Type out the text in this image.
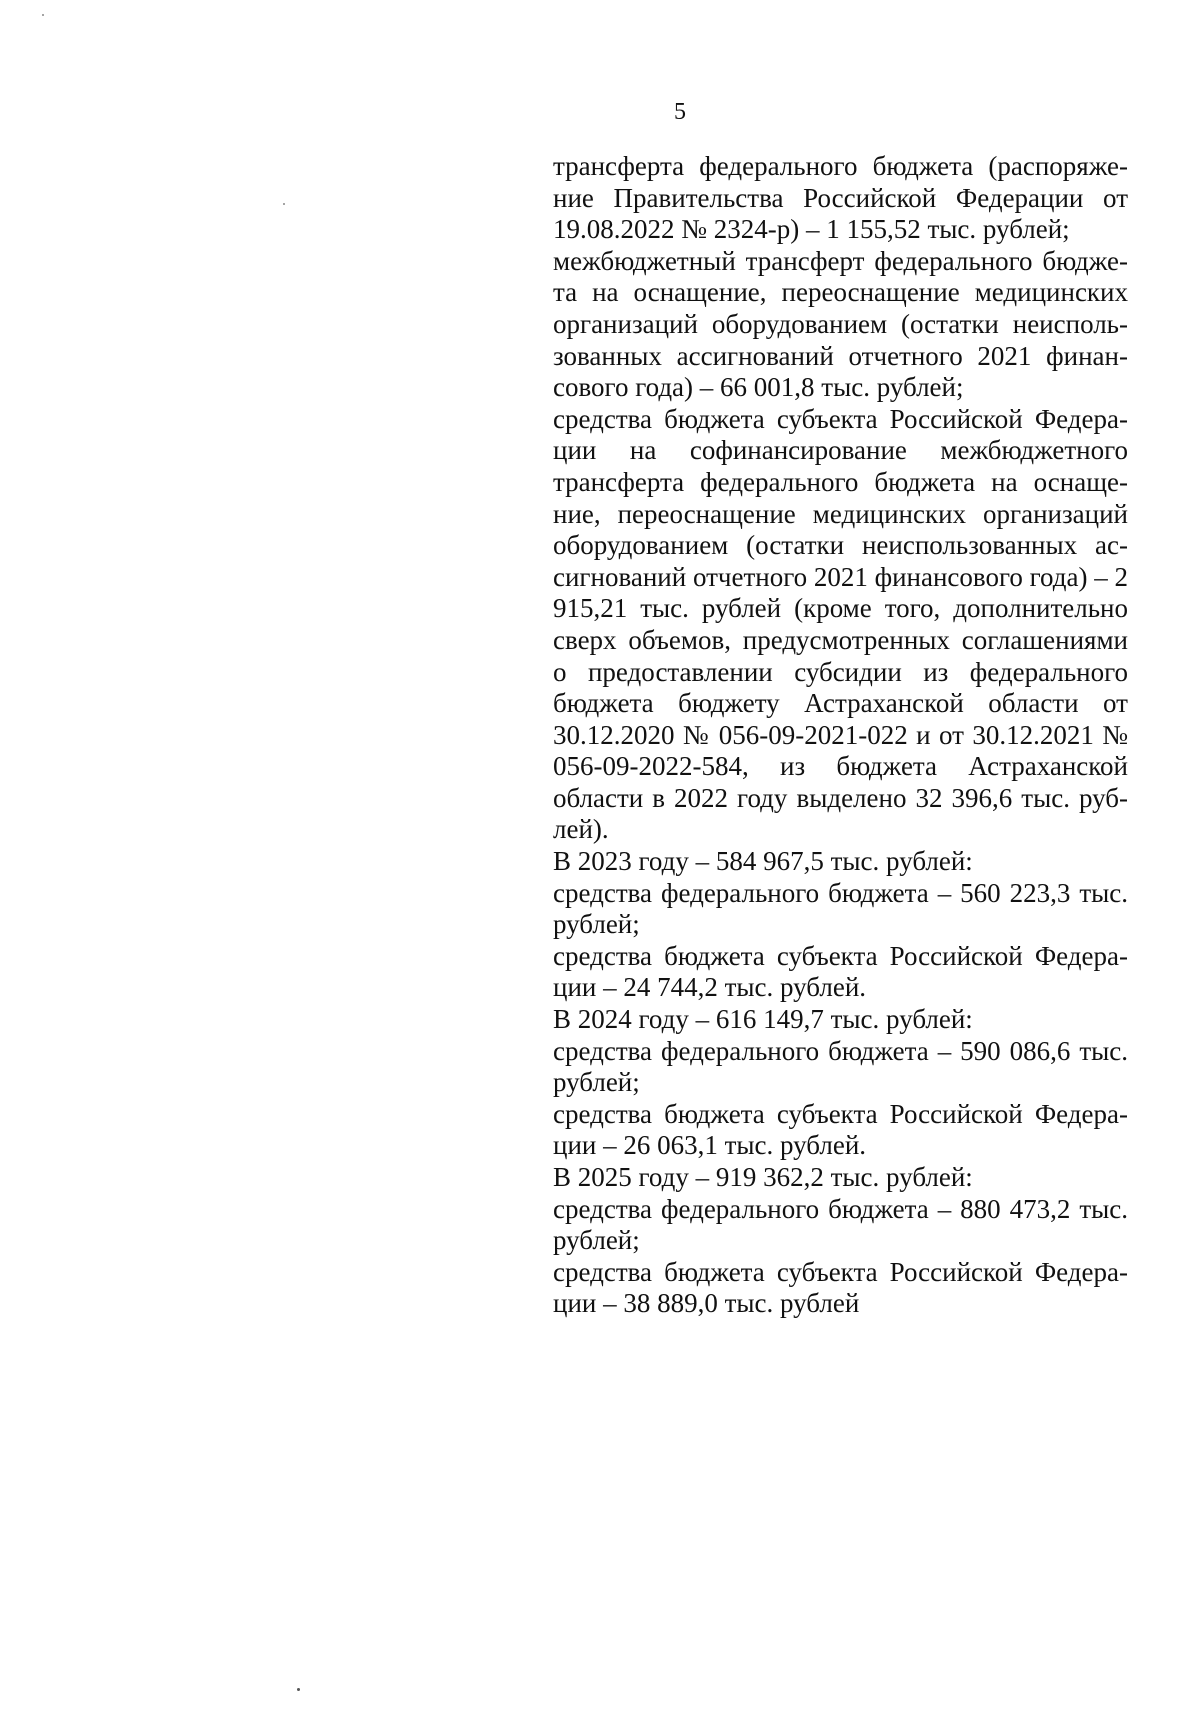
5

трансферта федерального бюджета (распоряжение Правительства Российской Федерации от 19.08.2022 № 2324-р) – 1 155,52 тыс. рублей;

межбюджетный трансферт федерального бюджета на оснащение, переоснащение медицинских организаций оборудованием (остатки неиспользованных ассигнований отчетного 2021 финансового года) – 66 001,8 тыс. рублей;

средства бюджета субъекта Российской Федерации на софинансирование межбюджетного трансферта федерального бюджета на оснащение, переоснащение медицинских организаций оборудованием (остатки неиспользованных ассигнований отчетного 2021 финансового года) – 2 915,21 тыс. рублей (кроме того, дополнительно сверх объемов, предусмотренных соглашениями о предоставлении субсидии из федерального бюджета бюджету Астраханской области от 30.12.2020 № 056-09-2021-022 и от 30.12.2021 № 056-09-2022-584, из бюджета Астраханской области в 2022 году выделено 32 396,6 тыс. рублей).

В 2023 году – 584 967,5 тыс. рублей:

средства федерального бюджета – 560 223,3 тыс. рублей;

средства бюджета субъекта Российской Федерации – 24 744,2 тыс. рублей.

В 2024 году – 616 149,7 тыс. рублей:

средства федерального бюджета – 590 086,6 тыс. рублей;

средства бюджета субъекта Российской Федерации – 26 063,1 тыс. рублей.

В 2025 году – 919 362,2 тыс. рублей:

средства федерального бюджета – 880 473,2 тыс. рублей;

средства бюджета субъекта Российской Федерации – 38 889,0 тыс. рублей
